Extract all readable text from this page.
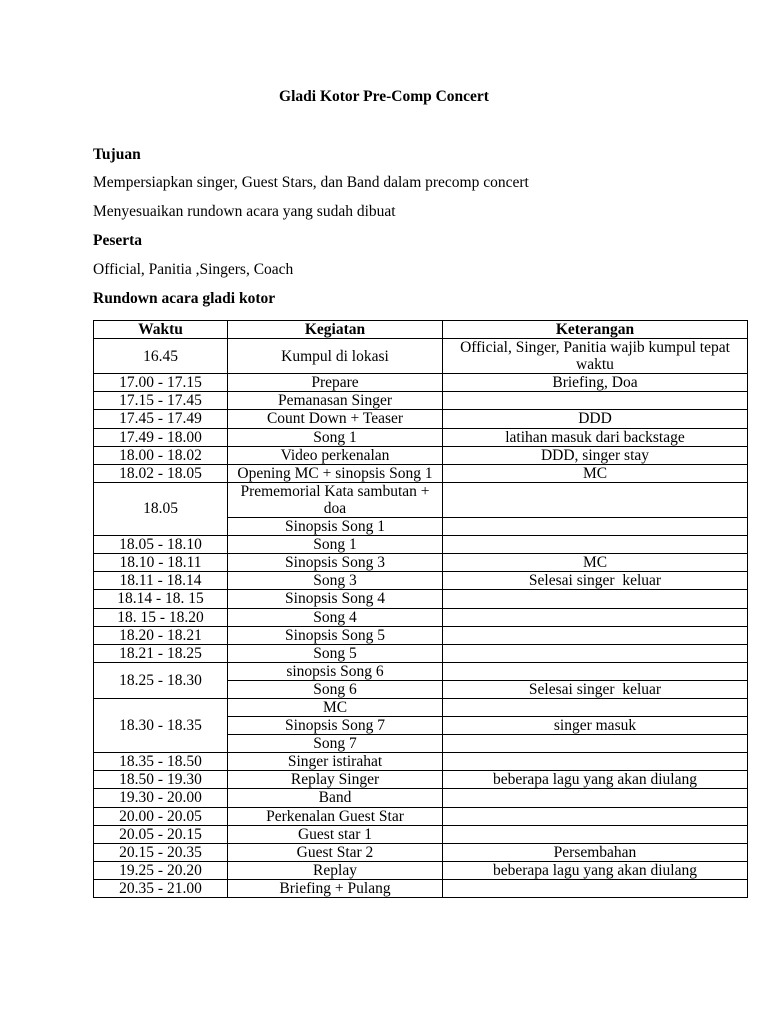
Gladi Kotor Pre-Comp Concert
Tujuan
Mempersiapkan singer, Guest Stars, dan Band dalam precomp concert
Menyesuaikan rundown acara yang sudah dibuat
Peserta
Official, Panitia ,Singers, Coach
Rundown acara gladi kotor
Waktu	Kegiatan	Keterangan
16.45	Kumpul di lokasi	Official, Singer, Panitia wajib kumpul tepat waktu
17.00 - 17.15	Prepare	Briefing, Doa
17.15 - 17.45	Pemanasan Singer	
17.45 - 17.49	Count Down + Teaser	DDD
17.49 - 18.00	Song 1	latihan masuk dari backstage
18.00 - 18.02	Video perkenalan	DDD, singer stay
18.02 - 18.05	Opening MC + sinopsis Song 1	MC
18.05	Prememorial Kata sambutan + doa	
	Sinopsis Song 1	
18.05 - 18.10	Song 1	
18.10 - 18.11	Sinopsis Song 3	MC
18.11 - 18.14	Song 3	Selesai singer  keluar
18.14 - 18. 15	Sinopsis Song 4	
18. 15 - 18.20	Song 4	
18.20 - 18.21	Sinopsis Song 5	
18.21 - 18.25	Song 5	
18.25 - 18.30	sinopsis Song 6	
	Song 6	Selesai singer  keluar
18.30 - 18.35	MC	
	Sinopsis Song 7	singer masuk
	Song 7	
18.35 - 18.50	Singer istirahat	
18.50 - 19.30	Replay Singer	beberapa lagu yang akan diulang
19.30 - 20.00	Band	
20.00 - 20.05	Perkenalan Guest Star	
20.05 - 20.15	Guest star 1	
20.15 - 20.35	Guest Star 2	Persembahan
19.25 - 20.20	Replay	beberapa lagu yang akan diulang
20.35 - 21.00	Briefing + Pulang	
